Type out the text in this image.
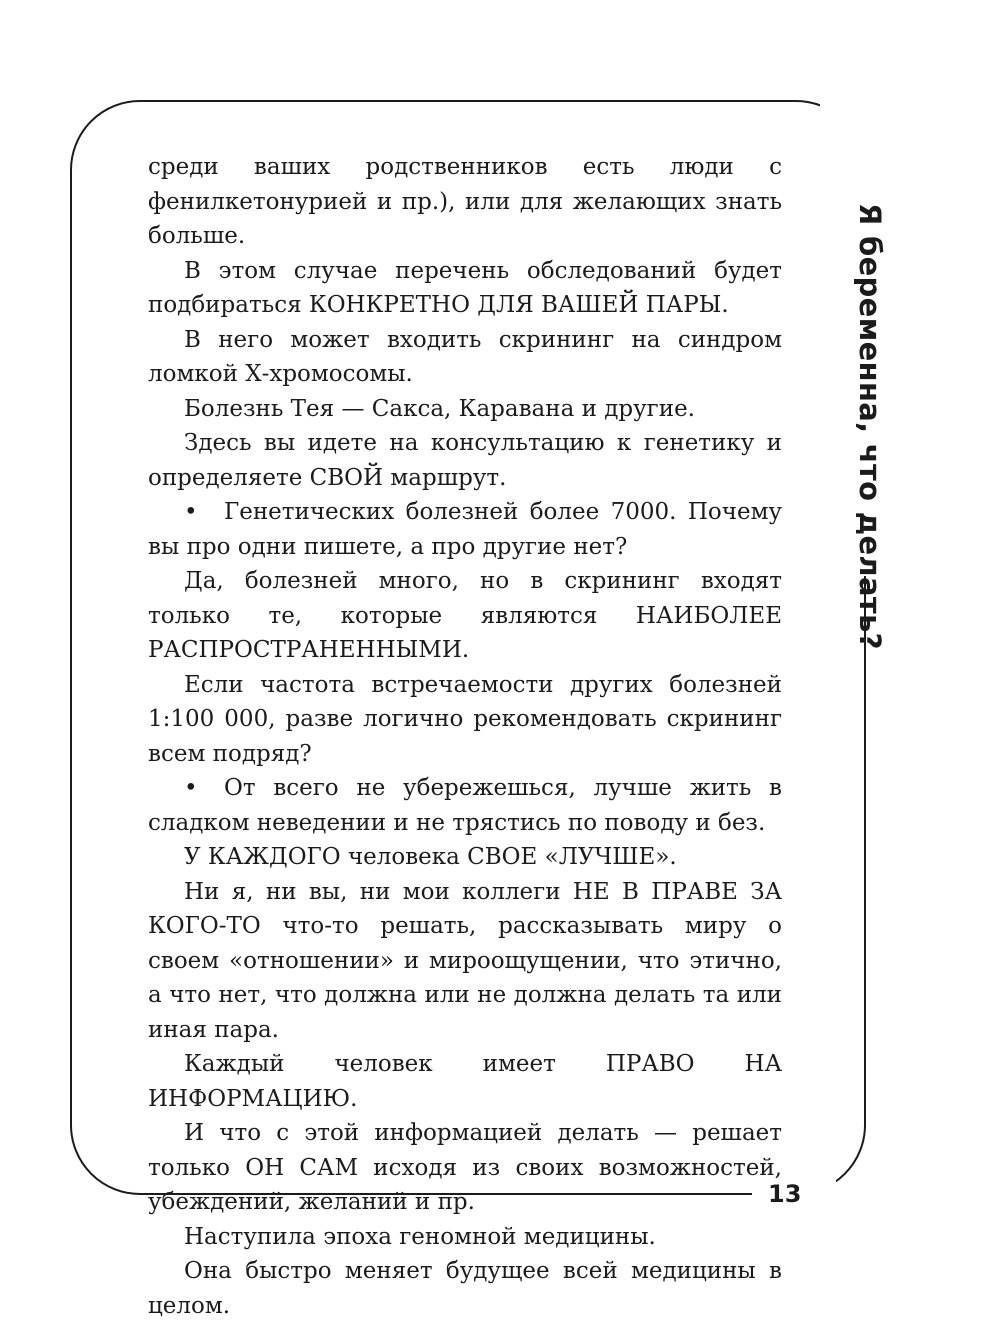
Я беременна, что делать?
13

среди ваших родственников есть люди с фенилкетонурией и пр.), или для желающих знать больше.

В этом случае перечень обследований будет подбираться КОНКРЕТНО ДЛЯ ВАШЕЙ ПАРЫ.

В него может входить скрининг на синдром ломкой Х-хромосомы.

Болезнь Тея — Сакса, Каравана и другие.

Здесь вы идете на консультацию к генетику и определяете СВОЙ маршрут.

• Генетических болезней более 7000. Почему вы про одни пишете, а про другие нет?

Да, болезней много, но в скрининг входят только те, которые являются НАИБОЛЕЕ РАСПРОСТРАНЕННЫМИ.

Если частота встречаемости других болезней 1:100 000, разве логично рекомендовать скрининг всем подряд?

• От всего не убережешься, лучше жить в сладком неведении и не трястись по поводу и без.

У КАЖДОГО человека СВОЕ «ЛУЧШЕ».

Ни я, ни вы, ни мои коллеги НЕ В ПРАВЕ ЗА КОГО-ТО что-то решать, рассказывать миру о своем «отношении» и мироощущении, что этично, а что нет, что должна или не должна делать та или иная пара.

Каждый человек имеет ПРАВО НА ИНФОРМАЦИЮ.

И что с этой информацией делать — решает только ОН САМ исходя из своих возможностей, убеждений, желаний и пр.

Наступила эпоха геномной медицины.

Она быстро меняет будущее всей медицины в целом.
